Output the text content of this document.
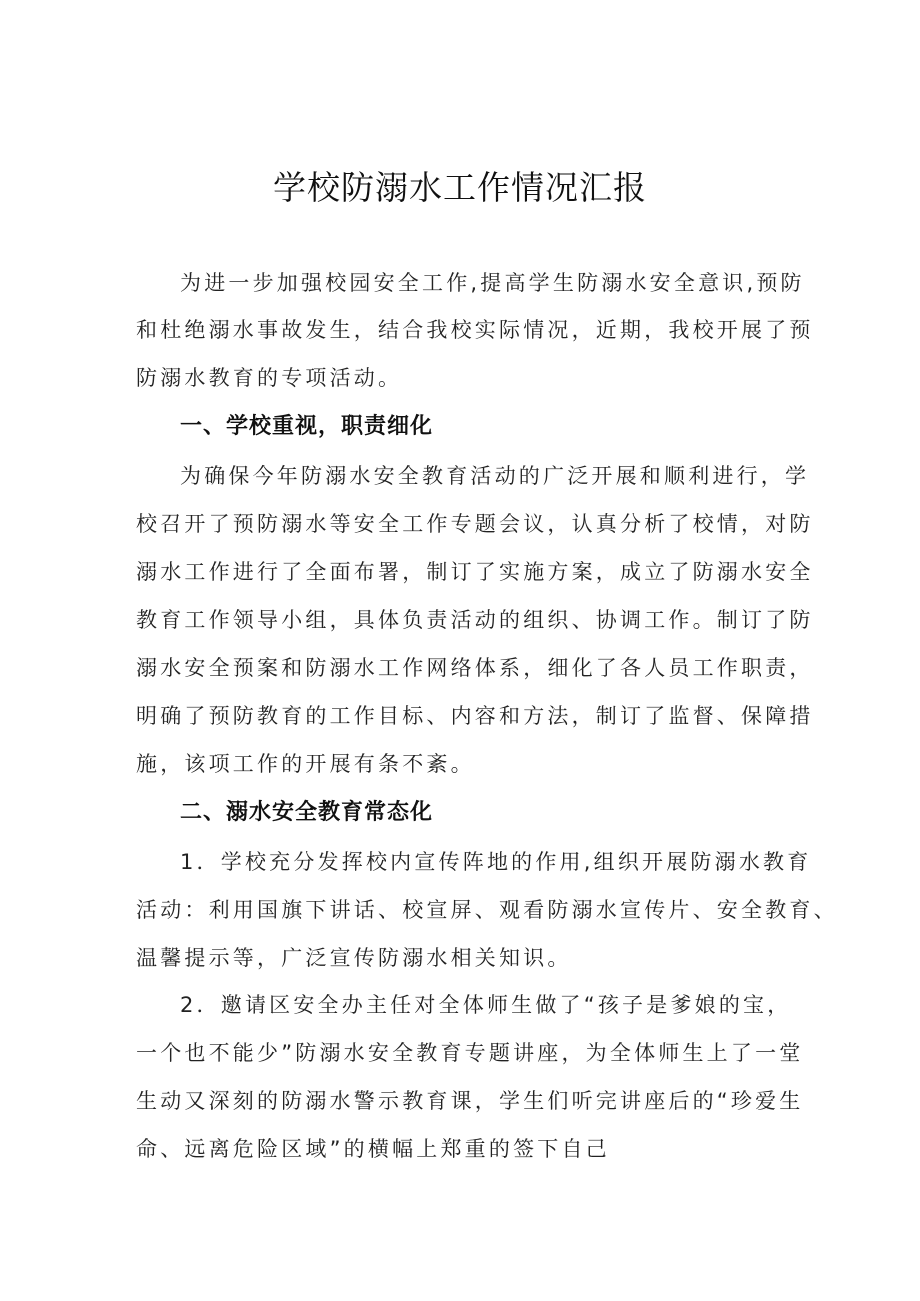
学校防溺水工作情况汇报
为进一步加强校园安全工作,提高学生防溺水安全意识,预防
和杜绝溺水事故发生，结合我校实际情况，近期，我校开展了预
防溺水教育的专项活动。
一、学校重视，职责细化
为确保今年防溺水安全教育活动的广泛开展和顺利进行，学
校召开了预防溺水等安全工作专题会议，认真分析了校情，对防
溺水工作进行了全面布署，制订了实施方案，成立了防溺水安全
教育工作领导小组，具体负责活动的组织、协调工作。制订了防
溺水安全预案和防溺水工作网络体系，细化了各人员工作职责，
明确了预防教育的工作目标、内容和方法，制订了监督、保障措
施，该项工作的开展有条不紊。
二、溺水安全教育常态化
1．学校充分发挥校内宣传阵地的作用,组织开展防溺水教育
活动：利用国旗下讲话、校宣屏、观看防溺水宣传片、安全教育、
温馨提示等，广泛宣传防溺水相关知识。
2．邀请区安全办主任对全体师生做了“孩子是爹娘的宝，
一个也不能少”防溺水安全教育专题讲座，为全体师生上了一堂
生动又深刻的防溺水警示教育课，学生们听完讲座后的“珍爱生
命、远离危险区域”的横幅上郑重的签下自己
